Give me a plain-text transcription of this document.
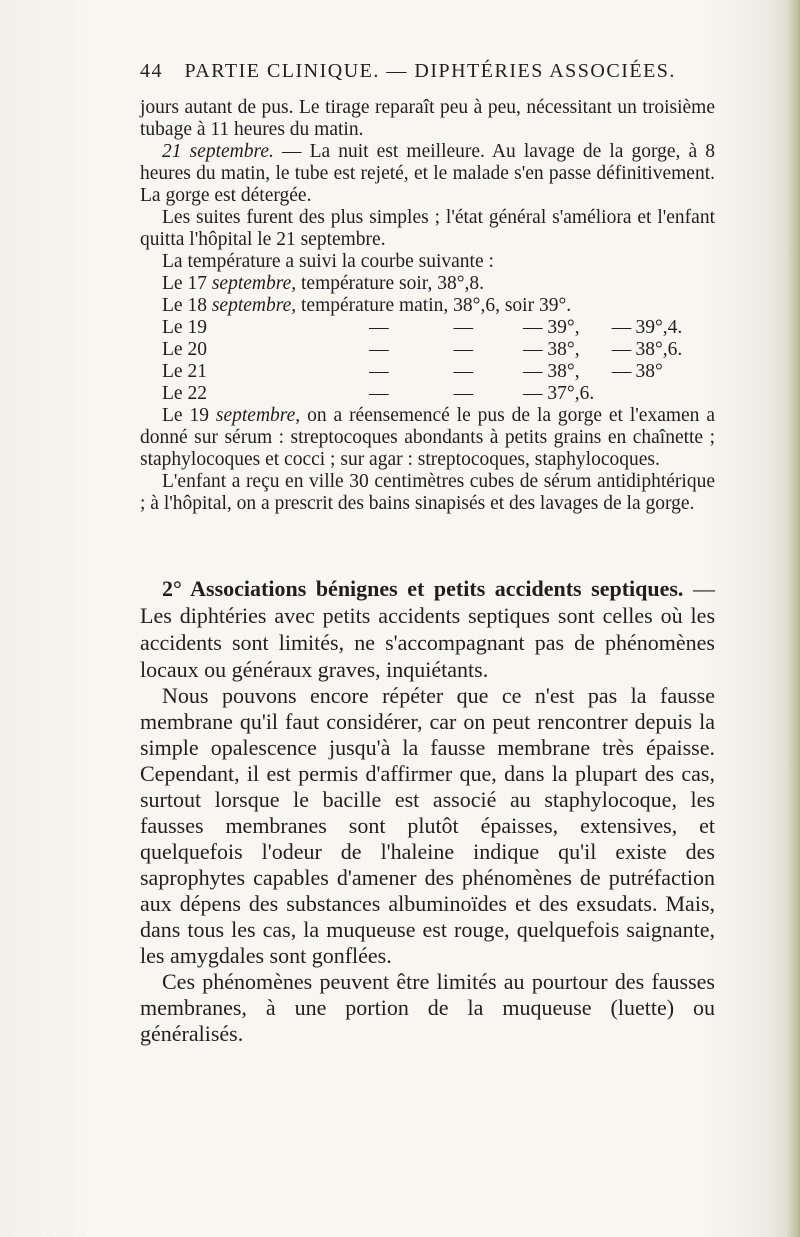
44 PARTIE CLINIQUE. — DIPHTÉRIES ASSOCIÉES.

jours autant de pus. Le tirage reparaît peu à peu, nécessitant un troisième tubage à 11 heures du matin.

21 septembre. — La nuit est meilleure. Au lavage de la gorge, à 8 heures du matin, le tube est rejeté, et le malade s'en passe définitivement. La gorge est détergée.

Les suites furent des plus simples ; l'état général s'améliora et l'enfant quitta l'hôpital le 21 septembre.

La température a suivi la courbe suivante :

Le 17 septembre, température soir, 38°,8.

Le 18 septembre, température matin, 38°,6, soir 39°.

Le 19	—	—	— 39°,	— 39°,4.
Le 20	—	—	— 38°,	— 38°,6.
Le 21	—	—	— 38°,	— 38°
Le 22	—	—	— 37°,6.

Le 19 septembre, on a réensemencé le pus de la gorge et l'examen a donné sur sérum : streptocoques abondants à petits grains en chaînette ; staphylocoques et cocci ; sur agar : streptocoques, staphylocoques.

L'enfant a reçu en ville 30 centimètres cubes de sérum antidiphtérique ; à l'hôpital, on a prescrit des bains sinapisés et des lavages de la gorge.

2° Associations bénignes et petits accidents septiques. — Les diphtéries avec petits accidents septiques sont celles où les accidents sont limités, ne s'accompagnant pas de phénomènes locaux ou généraux graves, inquiétants.

Nous pouvons encore répéter que ce n'est pas la fausse membrane qu'il faut considérer, car on peut rencontrer depuis la simple opalescence jusqu'à la fausse membrane très épaisse. Cependant, il est permis d'affirmer que, dans la plupart des cas, surtout lorsque le bacille est associé au staphylocoque, les fausses membranes sont plutôt épaisses, extensives, et quelquefois l'odeur de l'haleine indique qu'il existe des saprophytes capables d'amener des phénomènes de putréfaction aux dépens des substances albuminoïdes et des exsudats. Mais, dans tous les cas, la muqueuse est rouge, quelquefois saignante, les amygdales sont gonflées.

Ces phénomènes peuvent être limités au pourtour des fausses membranes, à une portion de la muqueuse (luette) ou généralisés.
